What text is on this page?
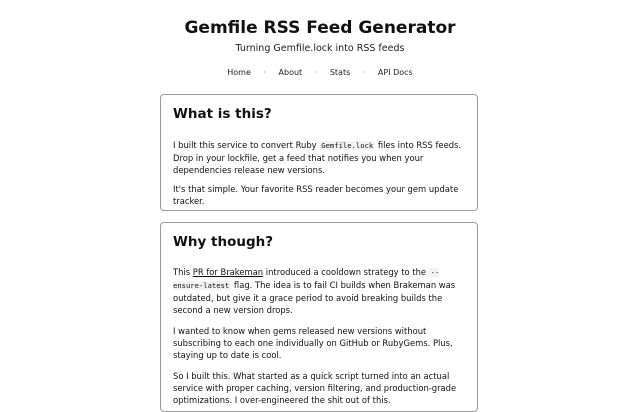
Gemfile RSS Feed Generator
Turning Gemfile.lock into RSS feeds
Home · About · Stats · API Docs
What is this?

I built this service to convert Ruby Gemfile.lock files into RSS feeds. Drop in your lockfile, get a feed that notifies you when your dependencies release new versions.

It's that simple. Your favorite RSS reader becomes your gem update tracker.

Why though?

This PR for Brakeman introduced a cooldown strategy to the --ensure-latest flag. The idea is to fail CI builds when Brakeman was outdated, but give it a grace period to avoid breaking builds the second a new version drops.

I wanted to know when gems released new versions without subscribing to each one individually on GitHub or RubyGems. Plus, staying up to date is cool.

So I built this. What started as a quick script turned into an actual service with proper caching, version filtering, and production-grade optimizations. I over-engineered the shit out of this.
